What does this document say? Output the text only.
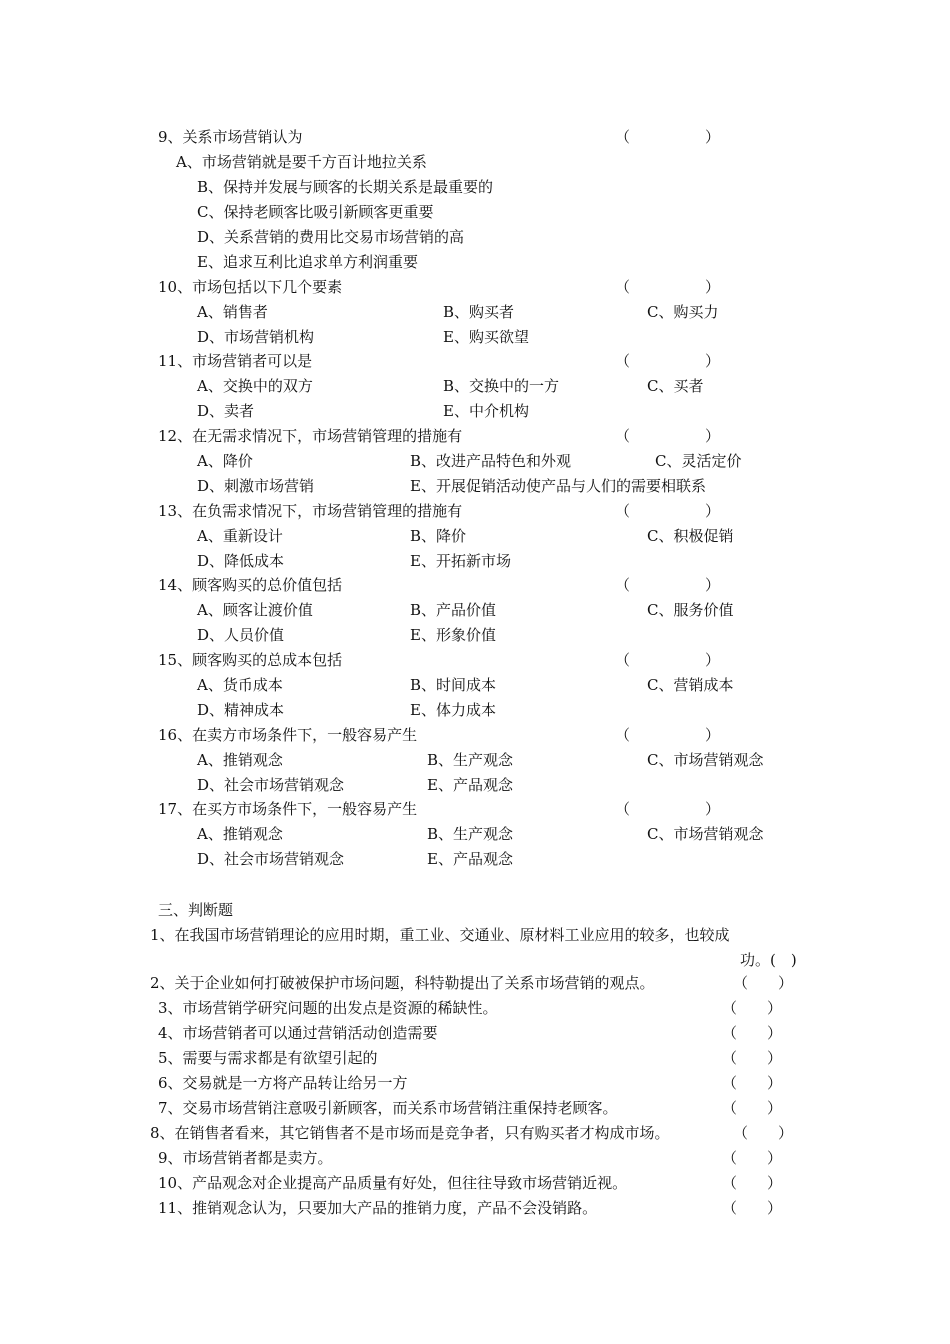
9、关系市场营销认为	（　　　　　）
A、市场营销就是要千方百计地拉关系
B、保持并发展与顾客的长期关系是最重要的
C、保持老顾客比吸引新顾客更重要
D、关系营销的费用比交易市场营销的高
E、追求互利比追求单方利润重要
10、市场包括以下几个要素	（　　　　　）
A、销售者	B、购买者	C、购买力
D、市场营销机构	E、购买欲望
11、市场营销者可以是	（　　　　　）
A、交换中的双方	B、交换中的一方	C、买者
D、卖者	E、中介机构
12、在无需求情况下，市场营销管理的措施有	（　　　　　）
A、降价	B、改进产品特色和外观	C、灵活定价
D、刺激市场营销	E、开展促销活动使产品与人们的需要相联系
13、在负需求情况下，市场营销管理的措施有	（　　　　　）
A、重新设计	B、降价	C、积极促销
D、降低成本	E、开拓新市场
14、顾客购买的总价值包括	（　　　　　）
A、顾客让渡价值	B、产品价值	C、服务价值
D、人员价值	E、形象价值
15、顾客购买的总成本包括	（　　　　　）
A、货币成本	B、时间成本	C、营销成本
D、精神成本	E、体力成本
16、在卖方市场条件下，一般容易产生	（　　　　　）
A、推销观念	B、生产观念	C、市场营销观念
D、社会市场营销观念	E、产品观念
17、在买方市场条件下，一般容易产生	（　　　　　）
A、推销观念	B、生产观念	C、市场营销观念
D、社会市场营销观念	E、产品观念
三、判断题
1、在我国市场营销理论的应用时期，重工业、交通业、原材料工业应用的较多，也较成
功。(　)
2、关于企业如何打破被保护市场问题，科特勒提出了关系市场营销的观点。	（　　）
3、市场营销学研究问题的出发点是资源的稀缺性。	（　　）
4、市场营销者可以通过营销活动创造需要	（　　）
5、需要与需求都是有欲望引起的	（　　）
6、交易就是一方将产品转让给另一方	（　　）
7、交易市场营销注意吸引新顾客，而关系市场营销注重保持老顾客。	（　　）
8、在销售者看来，其它销售者不是市场而是竞争者，只有购买者才构成市场。	（　　）
9、市场营销者都是卖方。	（　　）
10、产品观念对企业提高产品质量有好处，但往往导致市场营销近视。	（　　）
11、推销观念认为，只要加大产品的推销力度，产品不会没销路。	（　　）
